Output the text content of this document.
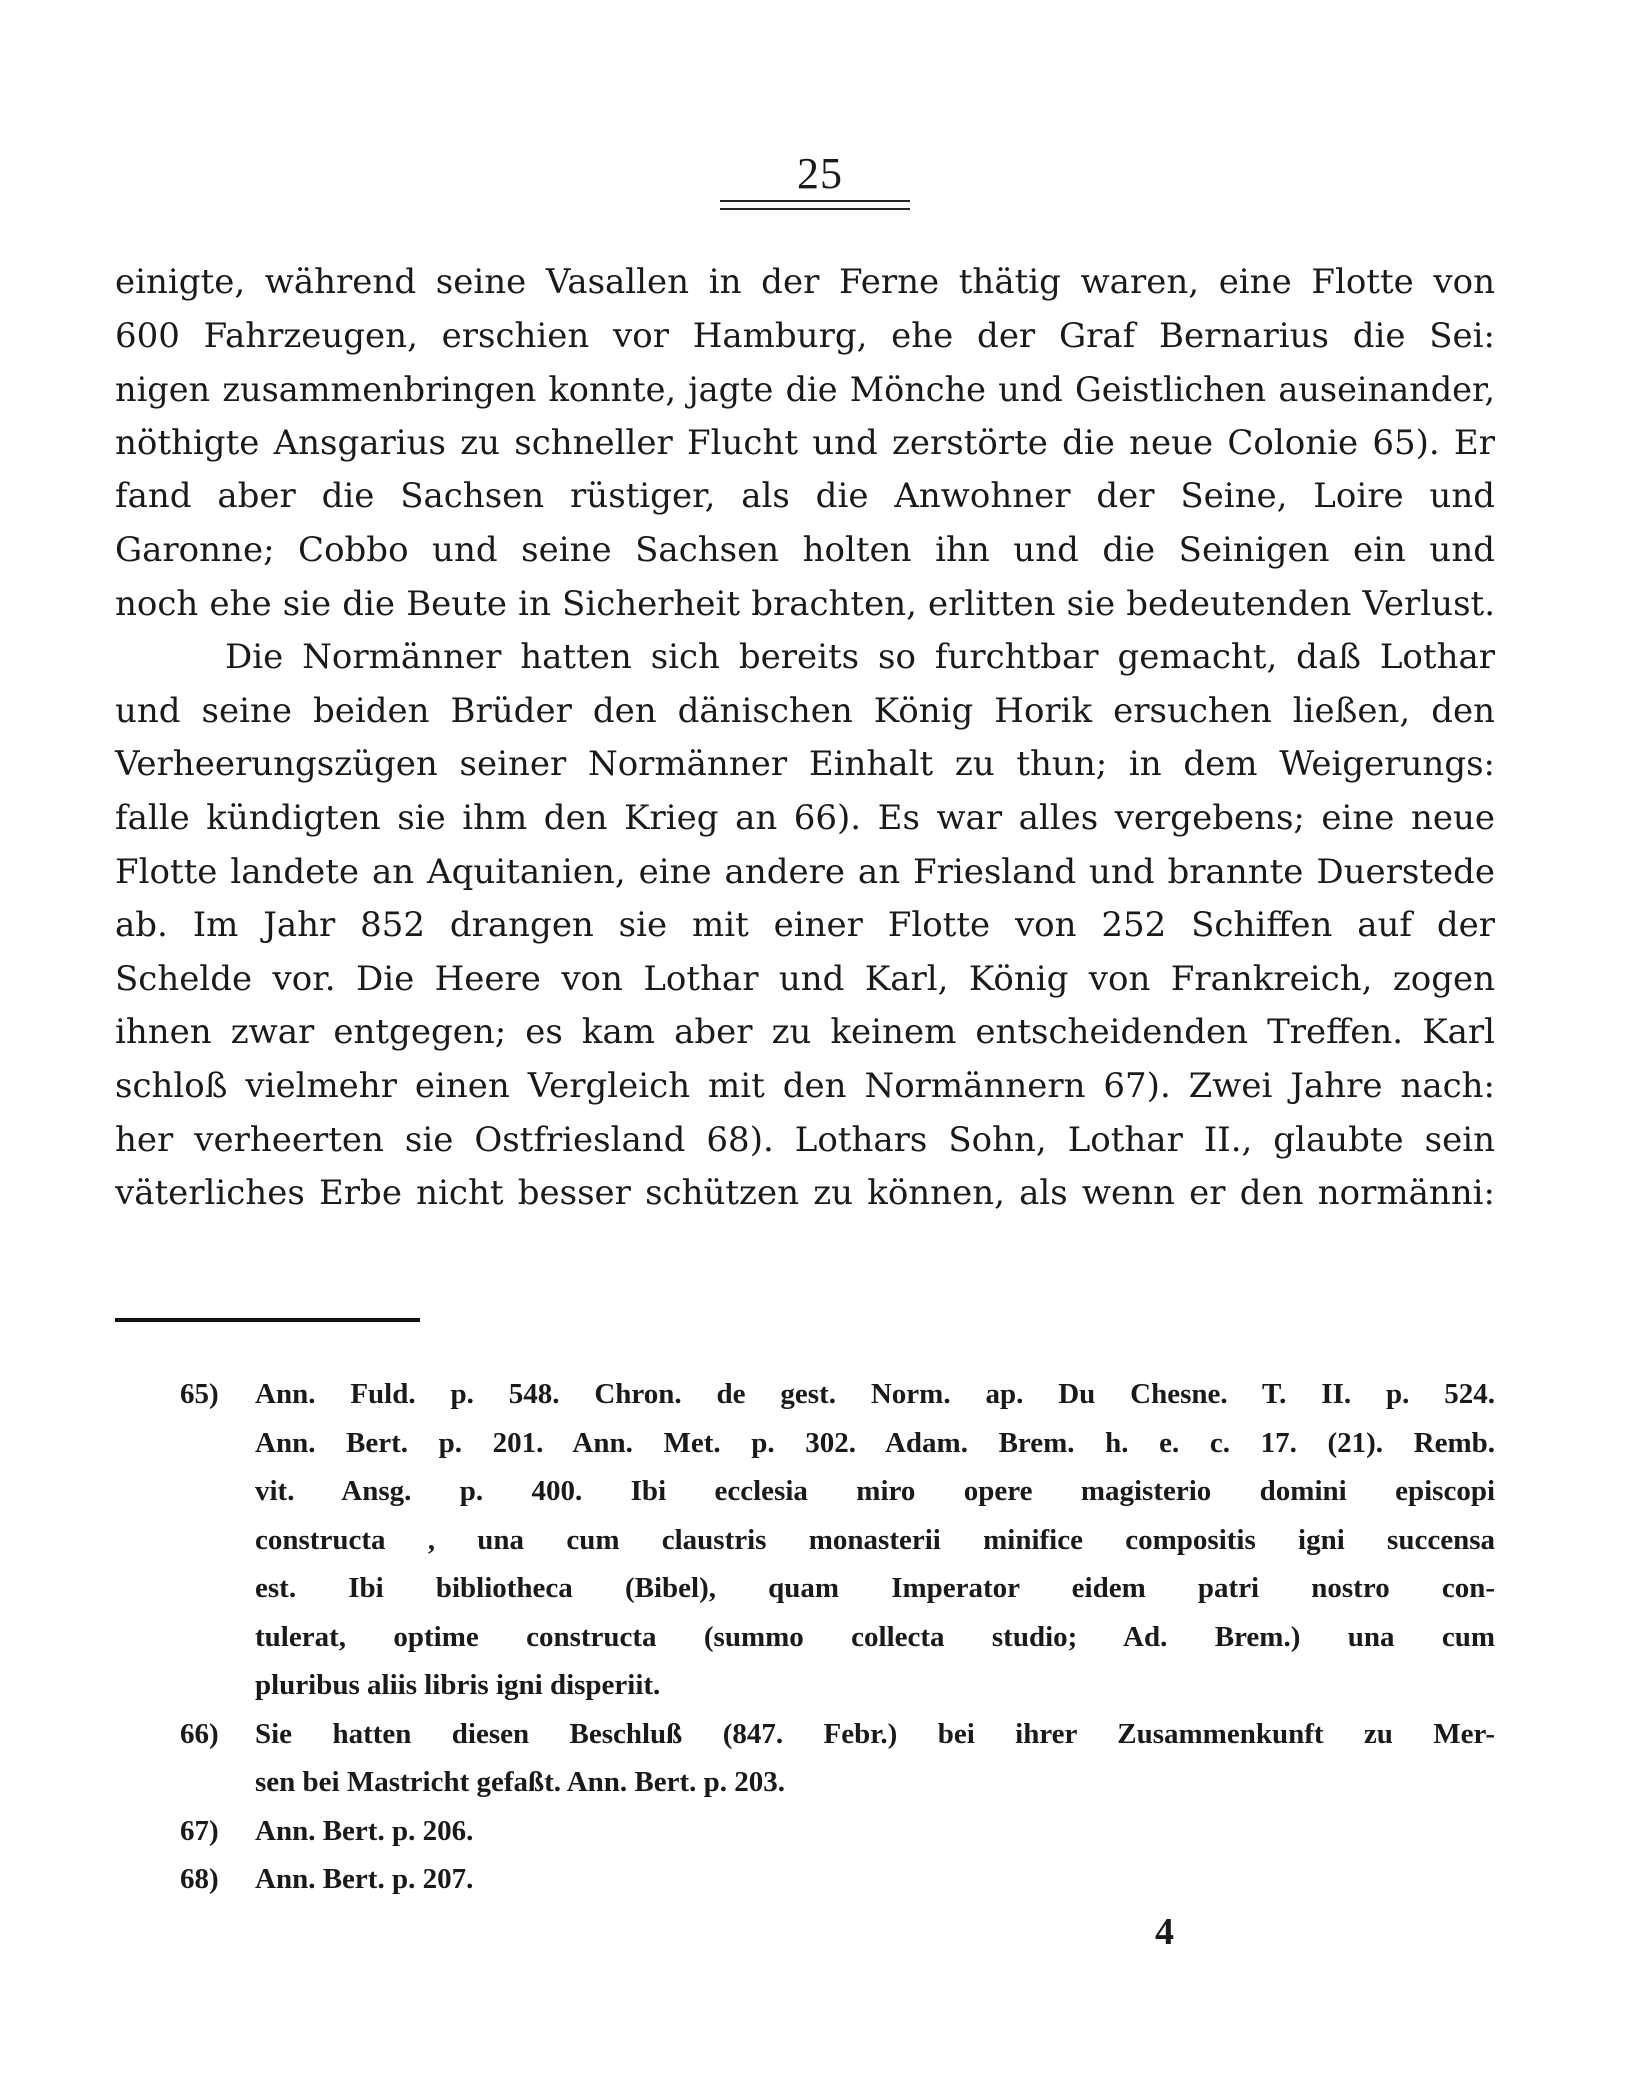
25
einigte, während seine Vasallen in der Ferne thätig waren, eine Flotte von
600 Fahrzeugen, erschien vor Hamburg, ehe der Graf Bernarius die Sei:
nigen zusammenbringen konnte, jagte die Mönche und Geistlichen auseinander,
nöthigte Ansgarius zu schneller Flucht und zerstörte die neue Colonie 65). Er
fand aber die Sachsen rüstiger, als die Anwohner der Seine, Loire und
Garonne; Cobbo und seine Sachsen holten ihn und die Seinigen ein und
noch ehe sie die Beute in Sicherheit brachten, erlitten sie bedeutenden Verlust.
Die Normänner hatten sich bereits so furchtbar gemacht, daß Lothar
und seine beiden Brüder den dänischen König Horik ersuchen ließen, den
Verheerungszügen seiner Normänner Einhalt zu thun; in dem Weigerungs:
falle kündigten sie ihm den Krieg an 66). Es war alles vergebens; eine neue
Flotte landete an Aquitanien, eine andere an Friesland und brannte Duerstede
ab. Im Jahr 852 drangen sie mit einer Flotte von 252 Schiffen auf der
Schelde vor. Die Heere von Lothar und Karl, König von Frankreich, zogen
ihnen zwar entgegen; es kam aber zu keinem entscheidenden Treffen. Karl
schloß vielmehr einen Vergleich mit den Normännern 67). Zwei Jahre nach:
her verheerten sie Ostfriesland 68). Lothars Sohn, Lothar II., glaubte sein
väterliches Erbe nicht besser schützen zu können, als wenn er den normänni:
65) Ann. Fuld. p. 548. Chron. de gest. Norm. ap. Du Chesne. T. II. p. 524.
Ann. Bert. p. 201. Ann. Met. p. 302. Adam. Brem. h. e. c. 17. (21). Remb.
vit. Ansg. p. 400. Ibi ecclesia miro opere magisterio domini episcopi
constructa , una cum claustris monasterii minifice compositis igni succensa
est. Ibi bibliotheca (Bibel), quam Imperator eidem patri nostro con-
tulerat, optime constructa (summo collecta studio; Ad. Brem.) una cum
pluribus aliis libris igni disperiit.
66) Sie hatten diesen Beschluß (847. Febr.) bei ihrer Zusammenkunft zu Mer-
sen bei Mastricht gefaßt. Ann. Bert. p. 203.
67) Ann. Bert. p. 206.
68) Ann. Bert. p. 207.
4
